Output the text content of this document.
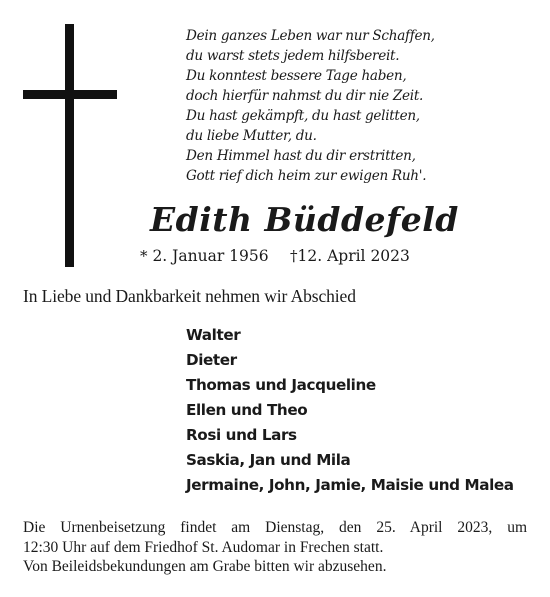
Dein ganzes Leben war nur Schaffen,
du warst stets jedem hilfsbereit.
Du konntest bessere Tage haben,
doch hierfür nahmst du dir nie Zeit.
Du hast gekämpft, du hast gelitten,
du liebe Mutter, du.
Den Himmel hast du dir erstritten,
Gott rief dich heim zur ewigen Ruh'.
Edith Büddefeld
* 2. Januar 1956 †12. April 2023
In Liebe und Dankbarkeit nehmen wir Abschied
Walter
Dieter
Thomas und Jacqueline
Ellen und Theo
Rosi und Lars
Saskia, Jan und Mila
Jermaine, John, Jamie, Maisie und Malea
Die Urnenbeisetzung findet am Dienstag, den 25. April 2023, um
12:30 Uhr auf dem Friedhof St. Audomar in Frechen statt.
Von Beileidsbekundungen am Grabe bitten wir abzusehen.
